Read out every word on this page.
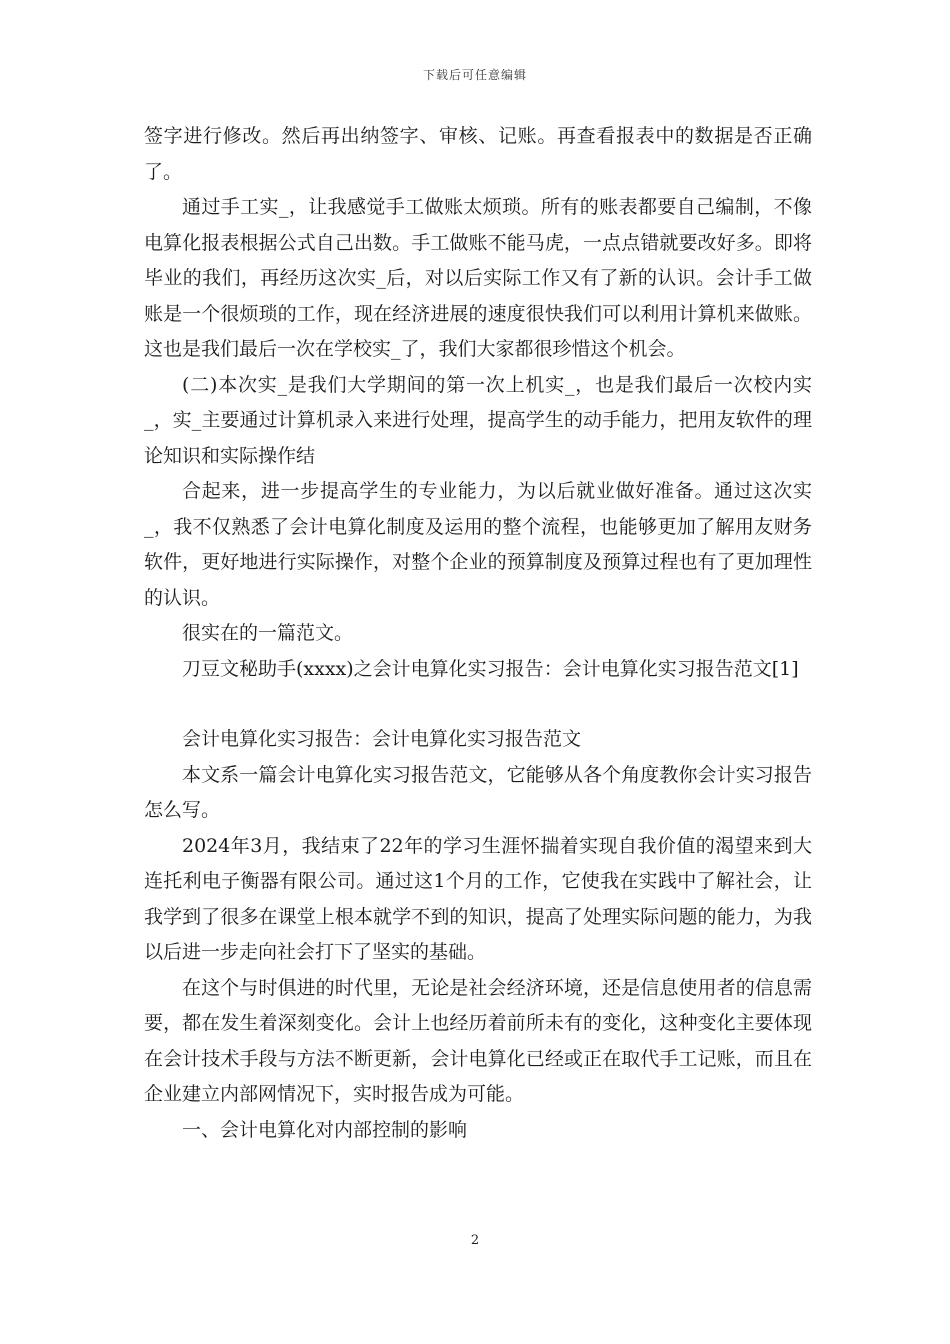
下载后可任意编辑

签字进行修改。然后再出纳签字、审核、记账。再查看报表中的数据是否正确了。

通过手工实_，让我感觉手工做账太烦琐。所有的账表都要自己编制，不像电算化报表根据公式自己出数。手工做账不能马虎，一点点错就要改好多。即将毕业的我们，再经历这次实_后，对以后实际工作又有了新的认识。会计手工做账是一个很烦琐的工作，现在经济进展的速度很快我们可以利用计算机来做账。这也是我们最后一次在学校实_了，我们大家都很珍惜这个机会。

(二)本次实_是我们大学期间的第一次上机实_，也是我们最后一次校内实_，实_主要通过计算机录入来进行处理，提高学生的动手能力，把用友软件的理论知识和实际操作结

合起来，进一步提高学生的专业能力，为以后就业做好准备。通过这次实_，我不仅熟悉了会计电算化制度及运用的整个流程，也能够更加了解用友财务软件，更好地进行实际操作，对整个企业的预算制度及预算过程也有了更加理性的认识。

很实在的一篇范文。

刀豆文秘助手(xxxx)之会计电算化实习报告：会计电算化实习报告范文[1]

会计电算化实习报告：会计电算化实习报告范文

本文系一篇会计电算化实习报告范文，它能够从各个角度教你会计实习报告怎么写。

2024年3月，我结束了22年的学习生涯怀揣着实现自我价值的渴望来到大连托利电子衡器有限公司。通过这1个月的工作，它使我在实践中了解社会，让我学到了很多在课堂上根本就学不到的知识，提高了处理实际问题的能力，为我以后进一步走向社会打下了坚实的基础。

在这个与时俱进的时代里，无论是社会经济环境，还是信息使用者的信息需要，都在发生着深刻变化。会计上也经历着前所未有的变化，这种变化主要体现在会计技术手段与方法不断更新，会计电算化已经或正在取代手工记账，而且在企业建立内部网情况下，实时报告成为可能。

一、会计电算化对内部控制的影响

2
